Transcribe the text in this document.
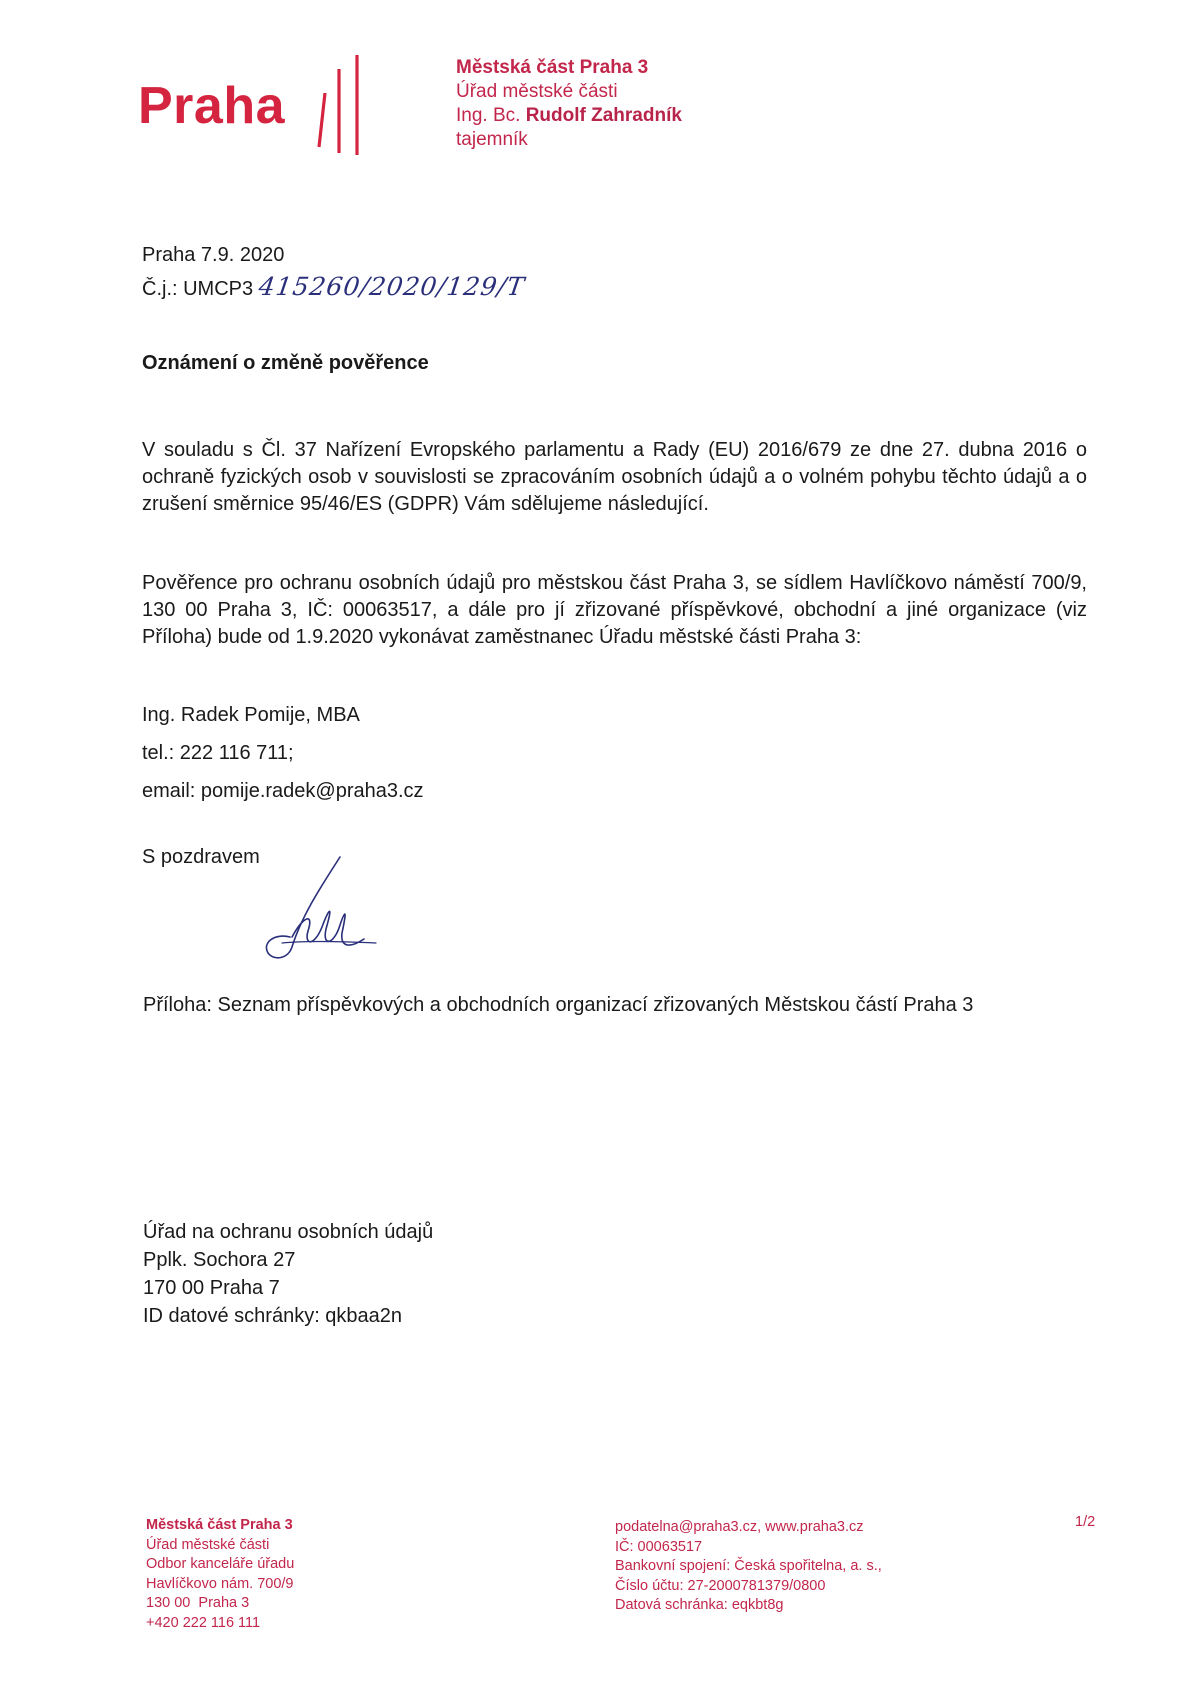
Praha
Městská část Praha 3
Úřad městské části
Ing. Bc. Rudolf Zahradník
tajemník
Praha 7.9. 2020
Č.j.: UMCP3 415260/2020/129/T
Oznámení o změně pověřence
V souladu s Čl. 37 Nařízení Evropského parlamentu a Rady (EU) 2016/679 ze dne 27. dubna 2016 o ochraně fyzických osob v souvislosti se zpracováním osobních údajů a o volném pohybu těchto údajů a o zrušení směrnice 95/46/ES (GDPR) Vám sdělujeme následující.
Pověřence pro ochranu osobních údajů pro městskou část Praha 3, se sídlem Havlíčkovo náměstí 700/9, 130 00 Praha 3, IČ: 00063517, a dále pro jí zřizované příspěvkové, obchodní a jiné organizace (viz Příloha) bude od 1.9.2020 vykonávat zaměstnanec Úřadu městské části Praha 3:
Ing. Radek Pomije, MBA
tel.: 222 116 711;
email: pomije.radek@praha3.cz
S pozdravem
Příloha: Seznam příspěvkových a obchodních organizací zřizovaných Městskou částí Praha 3
Úřad na ochranu osobních údajů
Pplk. Sochora 27
170 00 Praha 7
ID datové schránky: qkbaa2n
Městská část Praha 3
Úřad městské části
Odbor kanceláře úřadu
Havlíčkovo nám. 700/9
130 00  Praha 3
+420 222 116 111
podatelna@praha3.cz, www.praha3.cz
IČ: 00063517
Bankovní spojení: Česká spořitelna, a. s.,
Číslo účtu: 27-2000781379/0800
Datová schránka: eqkbt8g
1/2
